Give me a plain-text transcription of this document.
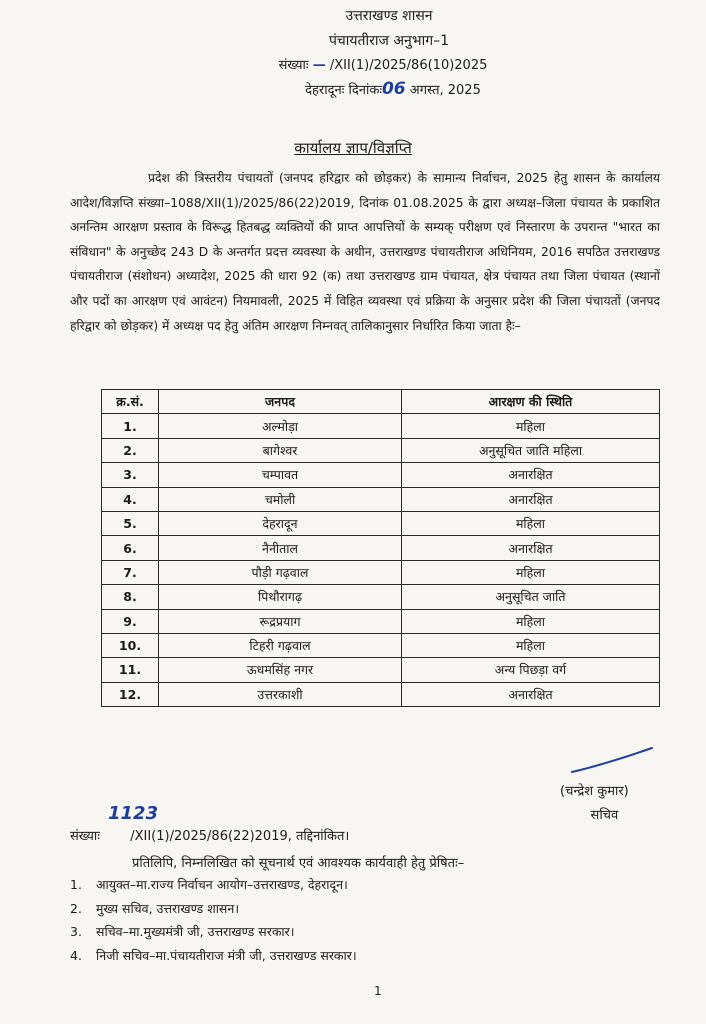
उत्तराखण्ड शासन
पंचायतीराज अनुभाग–1
संख्याः — /XII(1)/2025/86(10)2025
देहरादूनः दिनांकः06 अगस्त, 2025
कार्यालय ज्ञाप/विज्ञप्ति
प्रदेश की त्रिस्तरीय पंचायतों (जनपद हरिद्वार को छोड़कर) के सामान्य निर्वाचन, 2025 हेतु शासन के कार्यालय आदेश/विज्ञप्ति संख्या–1088/XII(1)/2025/86(22)2019, दिनांक 01.08.2025 के द्वारा अध्यक्ष–जिला पंचायत के प्रकाशित अनन्तिम आरक्षण प्रस्ताव के विरूद्ध हितबद्ध व्यक्तियों की प्राप्त आपत्तियों के सम्यक् परीक्षण एवं निस्तारण के उपरान्त "भारत का संविधान" के अनुच्छेद 243 D के अन्तर्गत प्रदत्त व्यवस्था के अधीन, उत्तराखण्ड पंचायतीराज अधिनियम, 2016 सपठित उत्तराखण्ड पंचायतीराज (संशोधन) अध्यादेश, 2025 की धारा 92 (क) तथा उत्तराखण्ड ग्राम पंचायत, क्षेत्र पंचायत तथा जिला पंचायत (स्थानों और पदों का आरक्षण एवं आवंटन) नियमावली, 2025 में विहित व्यवस्था एवं प्रक्रिया के अनुसार प्रदेश की जिला पंचायतों (जनपद हरिद्वार को छोड़कर) में अध्यक्ष पद हेतु अंतिम आरक्षण निम्नवत् तालिकानुसार निर्धारित किया जाता हैः–
क्र.सं.	जनपद	आरक्षण की स्थिति
1.	अल्मोड़ा	महिला
2.	बागेश्वर	अनुसूचित जाति महिला
3.	चम्पावत	अनारक्षित
4.	चमोली	अनारक्षित
5.	देहरादून	महिला
6.	नैनीताल	अनारक्षित
7.	पौड़ी गढ़वाल	महिला
8.	पिथौरागढ़	अनुसूचित जाति
9.	रूद्रप्रयाग	महिला
10.	टिहरी गढ़वाल	महिला
11.	ऊधमसिंह नगर	अन्य पिछड़ा वर्ग
12.	उत्तरकाशी	अनारक्षित
(चन्द्रेश कुमार)
सचिव
1123
संख्याः /XII(1)/2025/86(22)2019, तद्दिनांकित।
प्रतिलिपि, निम्नलिखित को सूचनार्थ एवं आवश्यक कार्यवाही हेतु प्रेषितः–
1. आयुक्त–मा.राज्य निर्वाचन आयोग–उत्तराखण्ड, देहरादून।
2. मुख्य सचिव, उत्तराखण्ड शासन।
3. सचिव–मा.मुख्यमंत्री जी, उत्तराखण्ड सरकार।
4. निजी सचिव–मा.पंचायतीराज मंत्री जी, उत्तराखण्ड सरकार।
1
